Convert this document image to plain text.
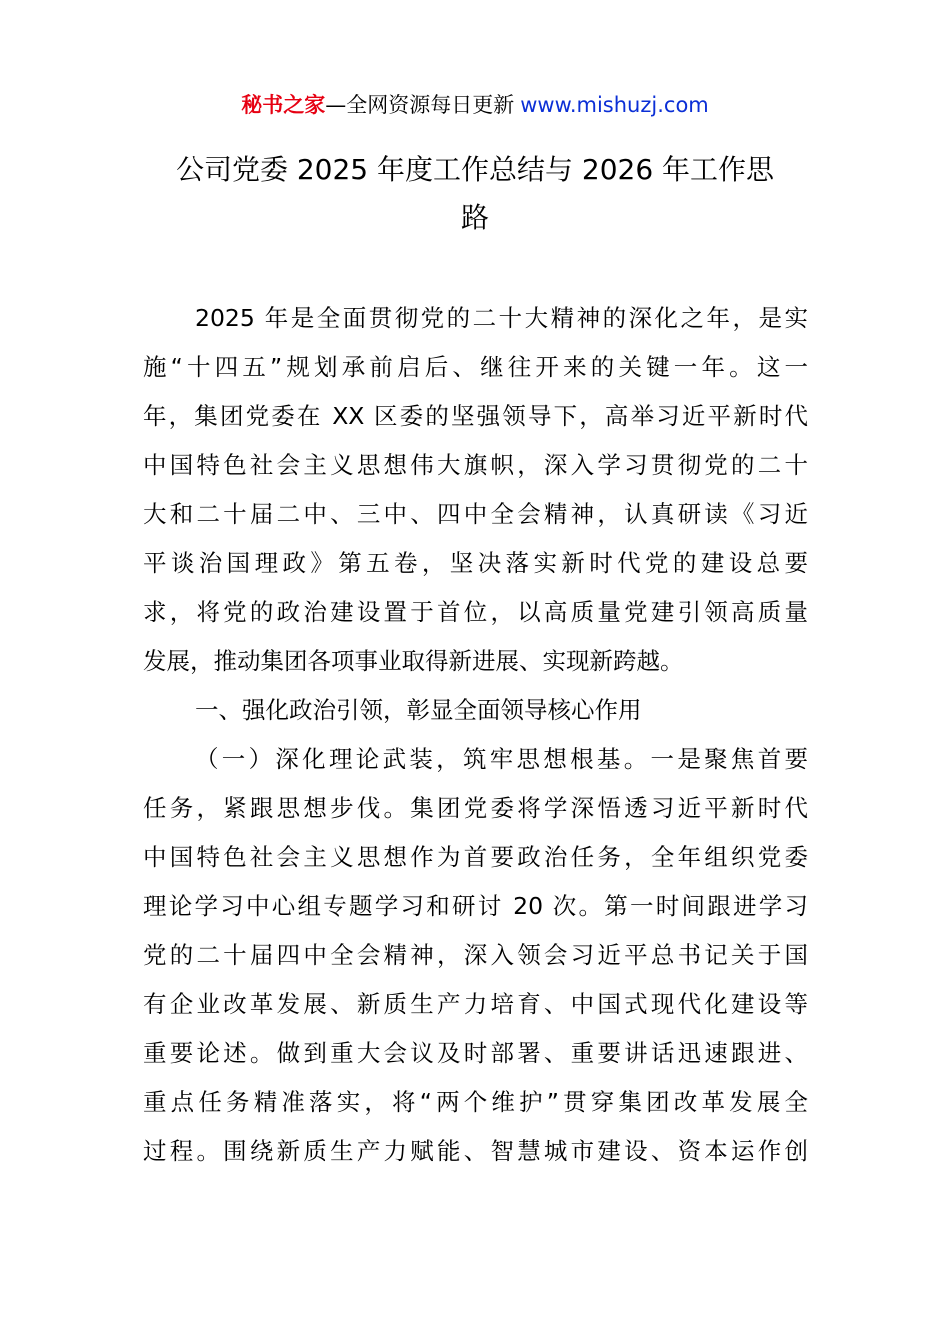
秘书之家—全网资源每日更新 www.mishuzj.com
公司党委 2025 年度工作总结与 2026 年工作思
路
2025 年是全面贯彻党的二十大精神的深化之年，是实
施“十四五”规划承前启后、继往开来的关键一年。这一
年，集团党委在 XX 区委的坚强领导下，高举习近平新时代
中国特色社会主义思想伟大旗帜，深入学习贯彻党的二十
大和二十届二中、三中、四中全会精神，认真研读《习近
平谈治国理政》第五卷，坚决落实新时代党的建设总要
求，将党的政治建设置于首位，以高质量党建引领高质量
发展，推动集团各项事业取得新进展、实现新跨越。
一、强化政治引领，彰显全面领导核心作用
（一）深化理论武装，筑牢思想根基。一是聚焦首要
任务，紧跟思想步伐。集团党委将学深悟透习近平新时代
中国特色社会主义思想作为首要政治任务，全年组织党委
理论学习中心组专题学习和研讨 20 次。第一时间跟进学习
党的二十届四中全会精神，深入领会习近平总书记关于国
有企业改革发展、新质生产力培育、中国式现代化建设等
重要论述。做到重大会议及时部署、重要讲话迅速跟进、
重点任务精准落实，将“两个维护”贯穿集团改革发展全
过程。围绕新质生产力赋能、智慧城市建设、资本运作创
